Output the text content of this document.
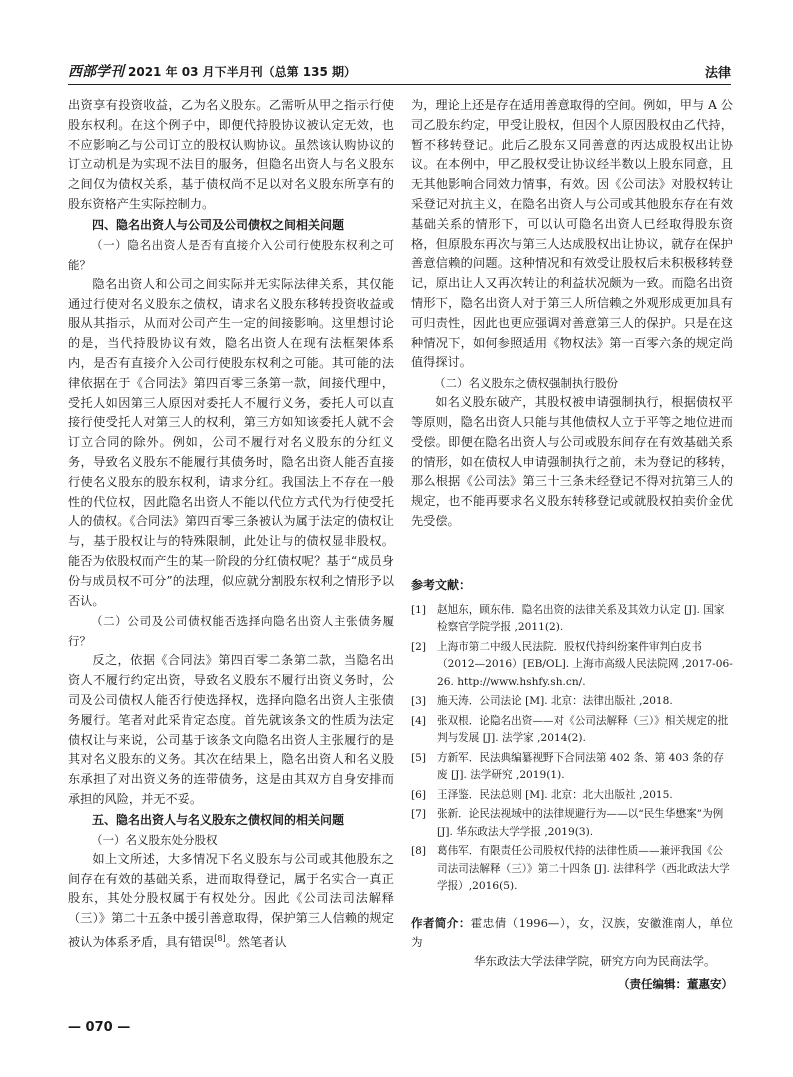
西部学刊 2021 年 03 月下半月刊（总第 135 期）	法律

出资享有投资收益，乙为名义股东。乙需听从甲之指示行使股东权利。在这个例子中，即便代持股协议被认定无效，也不应影响乙与公司订立的股权认购协议。虽然该认购协议的订立动机是为实现不法目的服务，但隐名出资人与名义股东之间仅为债权关系，基于债权尚不足以对名义股东所享有的股东资格产生实际控制力。

四、隐名出资人与公司及公司债权之间相关问题
（一）隐名出资人是否有直接介入公司行使股东权利之可能？

隐名出资人和公司之间实际并无实际法律关系，其仅能通过行使对名义股东之债权，请求名义股东移转投资收益或服从其指示，从而对公司产生一定的间接影响。这里想讨论的是，当代持股协议有效，隐名出资人在现有法框架体系内，是否有直接介入公司行使股东权利之可能。其可能的法律依据在于《合同法》第四百零三条第一款，间接代理中，受托人如因第三人原因对委托人不履行义务，委托人可以直接行使受托人对第三人的权利，第三方如知该委托人就不会订立合同的除外。例如，公司不履行对名义股东的分红义务，导致名义股东不能履行其债务时，隐名出资人能否直接行使名义股东的股东权利，请求分红。我国法上不存在一般性的代位权，因此隐名出资人不能以代位方式代为行使受托人的债权。《合同法》第四百零三条被认为属于法定的债权让与，基于股权让与的特殊限制，此处让与的债权显非股权。能否为依股权而产生的某一阶段的分红债权呢？基于“成员身份与成员权不可分”的法理，似应就分割股东权利之情形予以否认。

（二）公司及公司债权能否选择向隐名出资人主张债务履行？

反之，依据《合同法》第四百零二条第二款，当隐名出资人不履行约定出资，导致名义股东不履行出资义务时，公司及公司债权人能否行使选择权，选择向隐名出资人主张债务履行。笔者对此采肯定态度。首先就该条文的性质为法定债权让与来说，公司基于该条文向隐名出资人主张履行的是其对名义股东的义务。其次在结果上，隐名出资人和名义股东承担了对出资义务的连带债务，这是由其双方自身安排而承担的风险，并无不妥。

五、隐名出资人与名义股东之债权间的相关问题
（一）名义股东处分股权

如上文所述，大多情况下名义股东与公司或其他股东之间存在有效的基础关系，进而取得登记，属于名实合一真正股东，其处分股权属于有权处分。因此《公司法司法解释（三）》第二十五条中援引善意取得，保护第三人信赖的规定被认为体系矛盾，具有错误[8]。然笔者认

为，理论上还是存在适用善意取得的空间。例如，甲与 A 公司乙股东约定，甲受让股权，但因个人原因股权由乙代持，暂不移转登记。此后乙股东又同善意的丙达成股权出让协议。在本例中，甲乙股权受让协议经半数以上股东同意，且无其他影响合同效力情事，有效。因《公司法》对股权转让采登记对抗主义，在隐名出资人与公司或其他股东存在有效基础关系的情形下，可以认可隐名出资人已经取得股东资格，但原股东再次与第三人达成股权出让协议，就存在保护善意信赖的问题。这种情况和有效受让股权后未积极移转登记，原出让人又再次转让的利益状况颇为一致。而隐名出资情形下，隐名出资人对于第三人所信赖之外观形成更加具有可归责性，因此也更应强调对善意第三人的保护。只是在这种情况下，如何参照适用《物权法》第一百零六条的规定尚值得探讨。

（二）名义股东之债权强制执行股份

如名义股东破产，其股权被申请强制执行，根据债权平等原则，隐名出资人只能与其他债权人立于平等之地位进而受偿。即便在隐名出资人与公司或股东间存在有效基础关系的情形，如在债权人申请强制执行之前，未为登记的移转，那么根据《公司法》第三十三条未经登记不得对抗第三人的规定，也不能再要求名义股东转移登记或就股权拍卖价金优先受偿。

参考文献：
[1] 赵旭东，顾东伟．隐名出资的法律关系及其效力认定 [J]. 国家检察官学院学报 ,2011(2).
[2] 上海市第二中级人民法院．股权代持纠纷案件审判白皮书（2012—2016）[EB/OL]. 上海市高级人民法院网 ,2017-06-26. http://www.hshfy.sh.cn/.
[3] 施天涛．公司法论 [M]. 北京：法律出版社 ,2018.
[4] 张双根．论隐名出资——对《公司法解释（三）》相关规定的批判与发展 [J]. 法学家 ,2014(2).
[5] 方新军．民法典编纂视野下合同法第 402 条、第 403 条的存废 [J]. 法学研究 ,2019(1).
[6] 王泽鉴．民法总则 [M]. 北京：北大出版社 ,2015.
[7] 张新．论民法视域中的法律规避行为——以“民生华懋案”为例 [J]. 华东政法大学学报 ,2019(3).
[8] 葛伟军．有限责任公司股权代持的法律性质——兼评我国《公司法司法解释（三）》第二十四条 [J]. 法律科学（西北政法大学学报）,2016(5).
作者简介：霍忠倩（1996—），女，汉族，安徽淮南人，单位为
华东政法大学法律学院，研究方向为民商法学。
（责任编辑：董惠安）
— 070 —
